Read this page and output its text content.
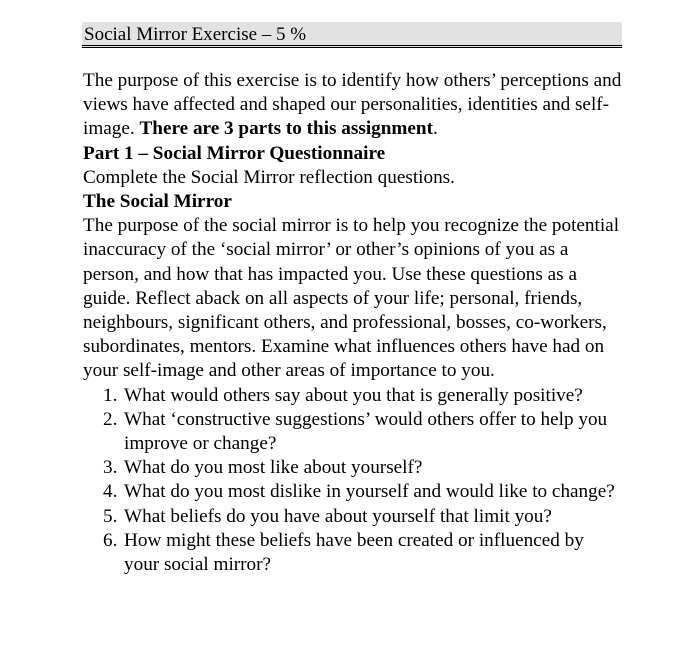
Social Mirror Exercise – 5 %

The purpose of this exercise is to identify how others’ perceptions and views have affected and shaped our personalities, identities and self-image. There are 3 parts to this assignment.

Part 1 – Social Mirror Questionnaire

Complete the Social Mirror reflection questions.

The Social Mirror

The purpose of the social mirror is to help you recognize the potential inaccuracy of the ‘social mirror’ or other’s opinions of you as a person, and how that has impacted you. Use these questions as a guide. Reflect aback on all aspects of your life; personal, friends, neighbours, significant others, and professional, bosses, co-workers, subordinates, mentors. Examine what influences others have had on your self-image and other areas of importance to you.

1. What would others say about you that is generally positive?
2. What ‘constructive suggestions’ would others offer to help you improve or change?
3. What do you most like about yourself?
4. What do you most dislike in yourself and would like to change?
5. What beliefs do you have about yourself that limit you?
6. How might these beliefs have been created or influenced by your social mirror?
